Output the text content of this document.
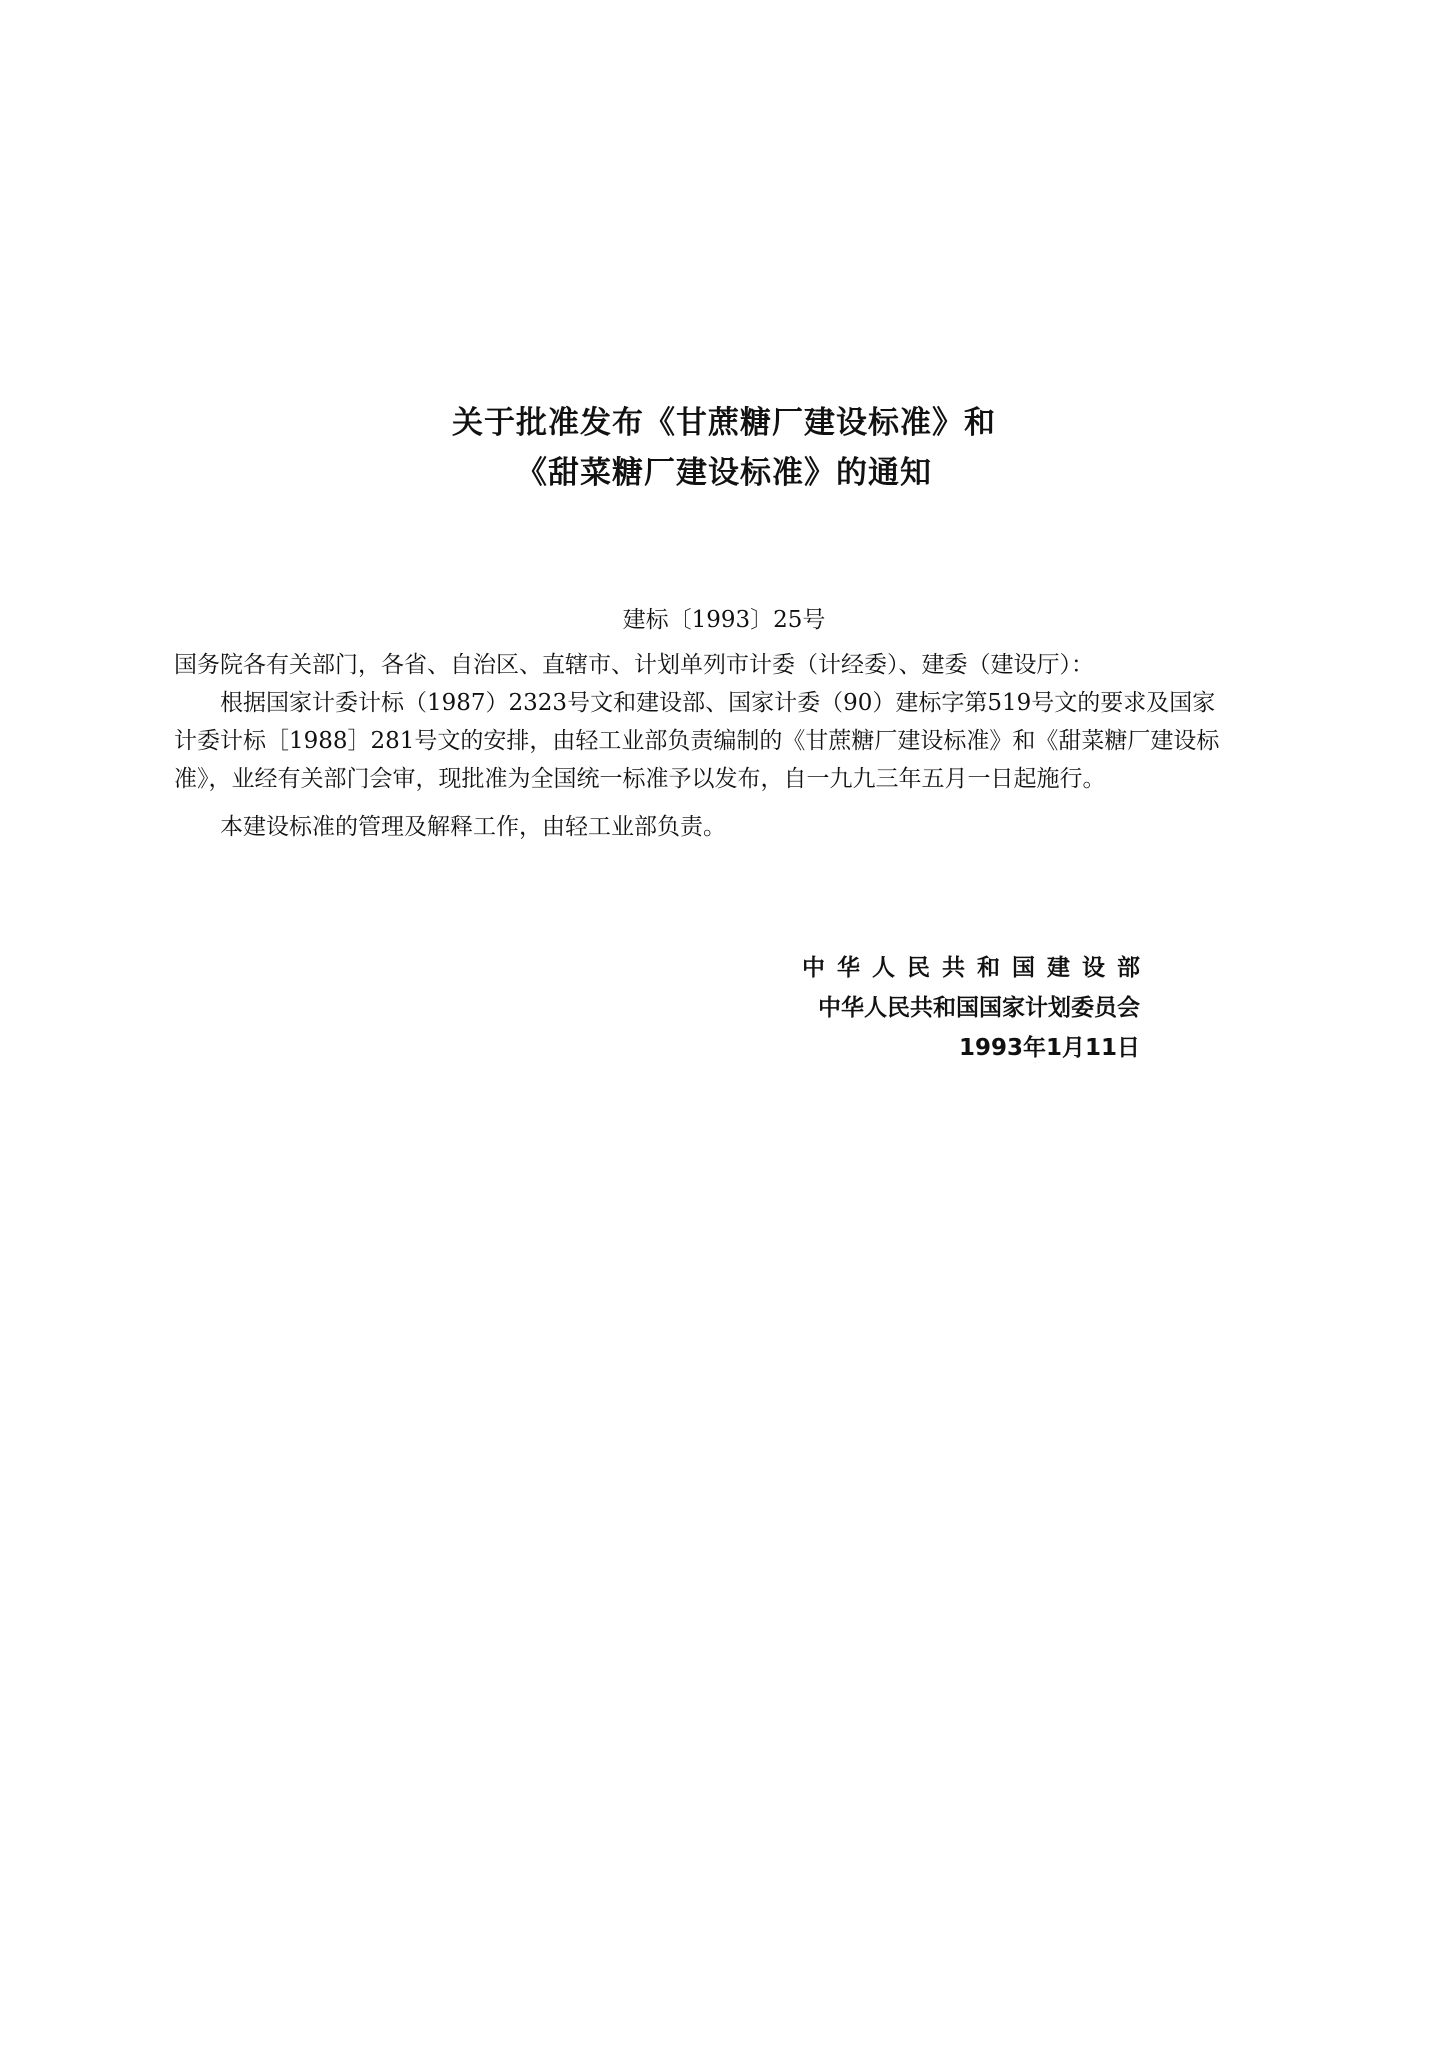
关于批准发布《甘蔗糖厂建设标准》和
《甜菜糖厂建设标准》的通知
建标〔1993〕25号
国务院各有关部门，各省、自治区、直辖市、计划单列市计委（计经委）、建委（建设厅）：
根据国家计委计标（1987）2323号文和建设部、国家计委（90）建标字第519号文的要求及国家
计委计标［1988］281号文的安排，由轻工业部负责编制的《甘蔗糖厂建设标准》和《甜菜糖厂建设标
准》，业经有关部门会审，现批准为全国统一标准予以发布，自一九九三年五月一日起施行。
本建设标准的管理及解释工作，由轻工业部负责。
中华人民共和国建设部
中华人民共和国国家计划委员会
1993年1月11日
